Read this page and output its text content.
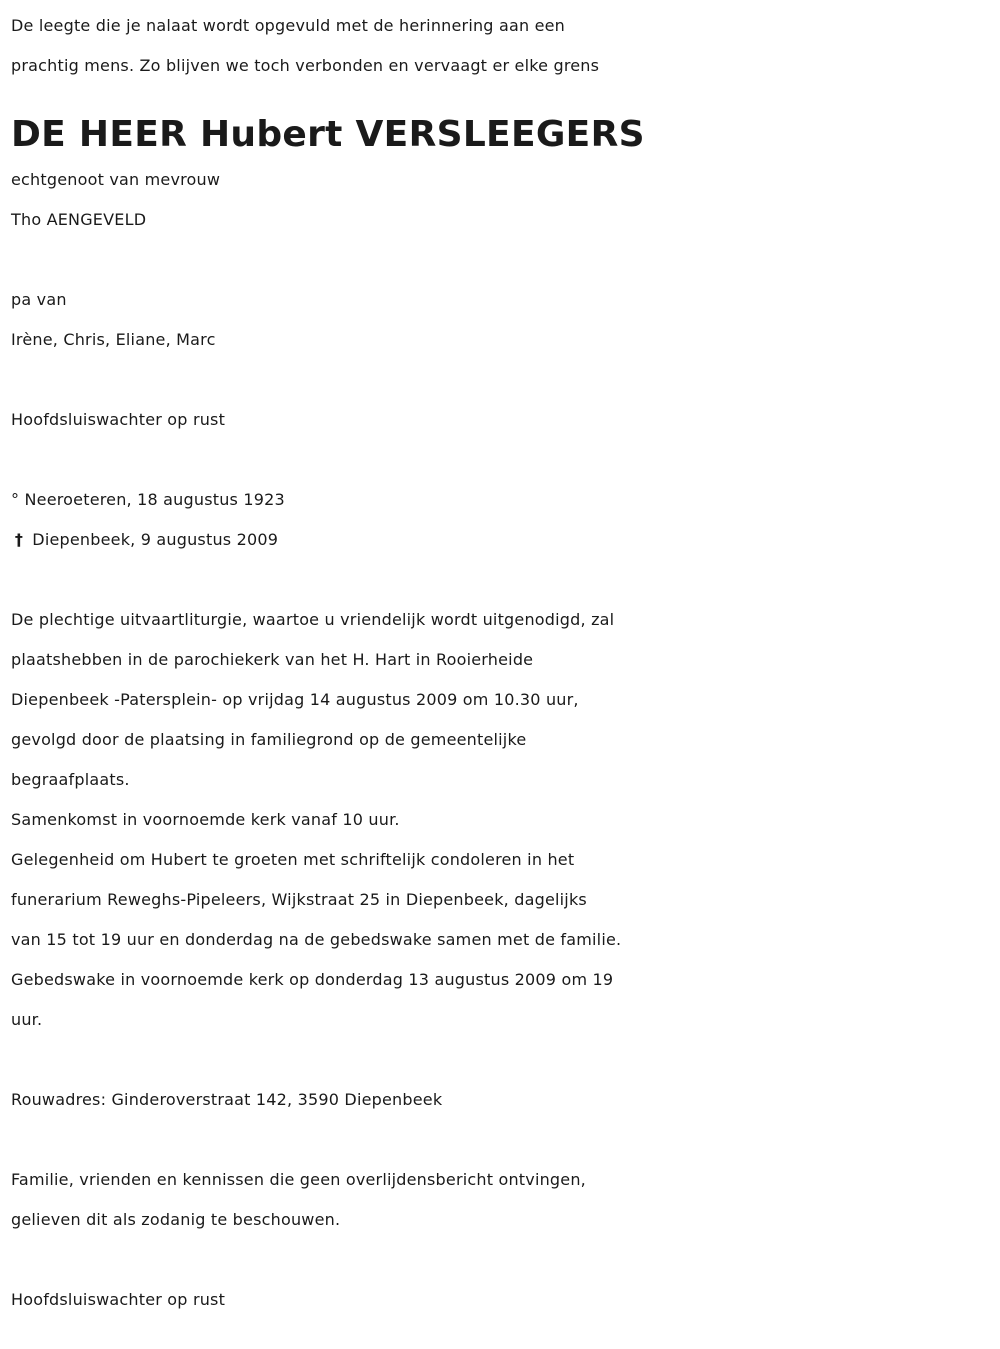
De leegte die je nalaat wordt opgevuld met de herinnering aan een
prachtig mens. Zo blijven we toch verbonden en vervaagt er elke grens

DE HEER Hubert VERSLEEGERS
echtgenoot van mevrouw
Tho AENGEVELD
pa van
Irène, Chris, Eliane, Marc
Hoofdsluiswachter op rust
° Neeroeteren, 18 augustus 1923
† Diepenbeek, 9 augustus 2009
De plechtige uitvaartliturgie, waartoe u vriendelijk wordt uitgenodigd, zal
plaatshebben in de parochiekerk van het H. Hart in Rooierheide
Diepenbeek -Patersplein- op vrijdag 14 augustus 2009 om 10.30 uur,
gevolgd door de plaatsing in familiegrond op de gemeentelijke
begraafplaats.
Samenkomst in voornoemde kerk vanaf 10 uur.
Gelegenheid om Hubert te groeten met schriftelijk condoleren in het
funerarium Reweghs-Pipeleers, Wijkstraat 25 in Diepenbeek, dagelijks
van 15 tot 19 uur en donderdag na de gebedswake samen met de familie.
Gebedswake in voornoemde kerk op donderdag 13 augustus 2009 om 19
uur.
Rouwadres: Ginderoverstraat 142, 3590 Diepenbeek
Familie, vrienden en kennissen die geen overlijdensbericht ontvingen,
gelieven dit als zodanig te beschouwen.
Hoofdsluiswachter op rust
